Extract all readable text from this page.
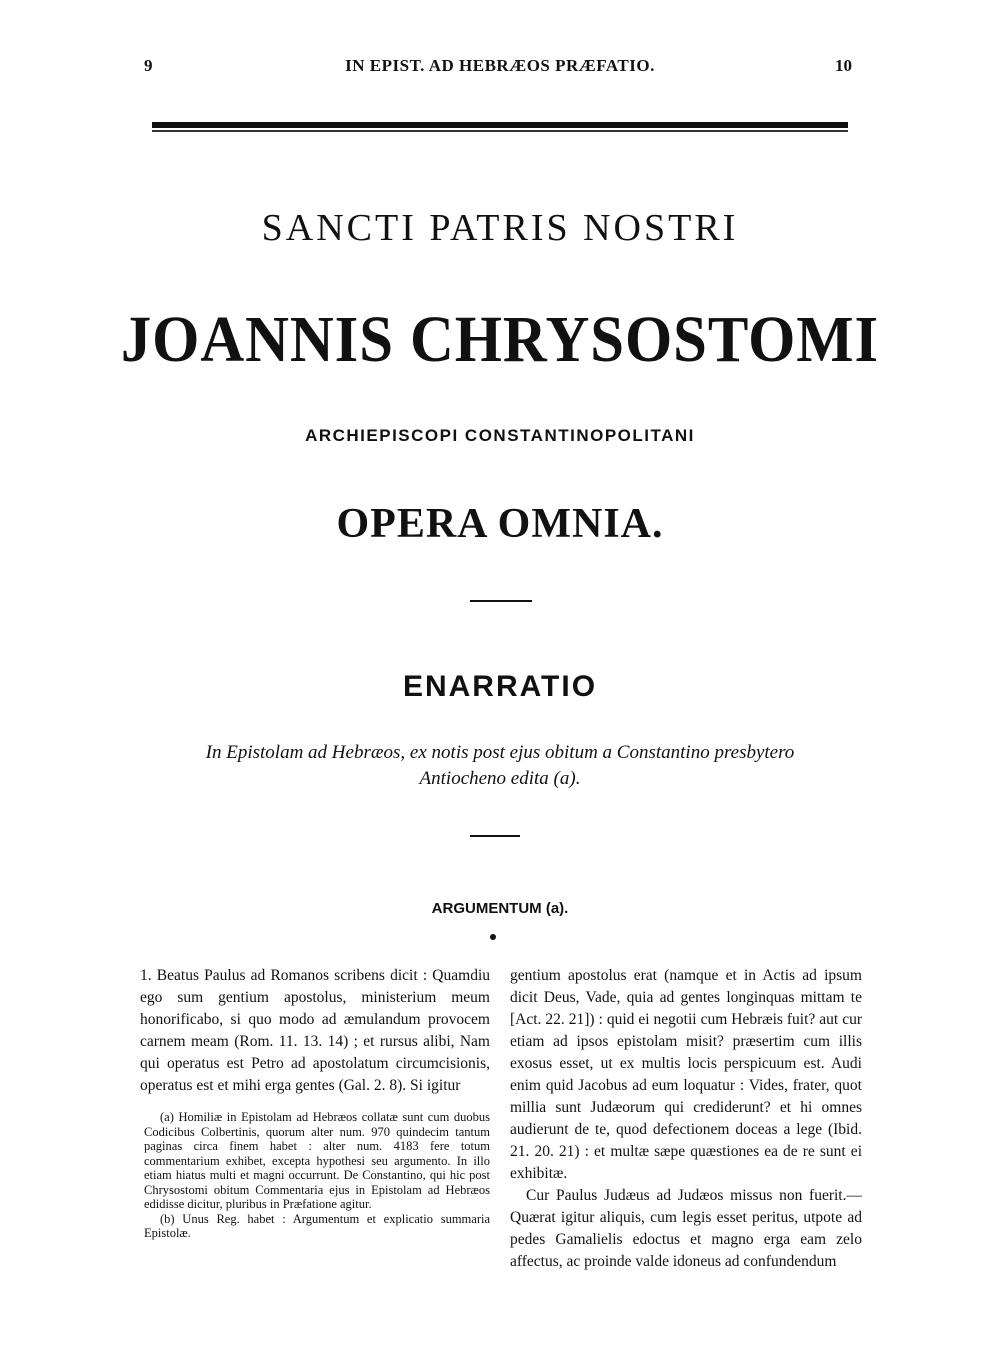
9	IN EPIST. AD HEBRÆOS PRÆFATIO.	10
SANCTI PATRIS NOSTRI
JOANNIS CHRYSOSTOMI
ARCHIEPISCOPI CONSTANTINOPOLITANI
OPERA OMNIA.
ENARRATIO
In Epistolam ad Hebræos, ex notis post ejus obitum a Constantino presbytero
Antiocheno edita (a).
ARGUMENTUM (a).

1. Beatus Paulus ad Romanos scribens dicit : Quamdiu ego sum gentium apostolus, ministerium meum honorificabo, si quo modo ad æmulandum provocem carnem meam (Rom. 11. 13. 14) ; et rursus alibi, Nam qui operatus est Petro ad apostolatum circumcisionis, operatus est et mihi erga gentes (Gal. 2. 8). Si igitur

(a) Homiliæ in Epistolam ad Hebræos collatæ sunt cum duobus Codicibus Colbertinis, quorum alter num. 970 quindecim tantum paginas circa finem habet : alter num. 4183 fere totum commentarium exhibet, excepta hypothesi seu argumento. In illo etiam hiatus multi et magni occurrunt. De Constantino, qui hic post Chrysostomi obitum Commentaria ejus in Epistolam ad Hebræos edidisse dicitur, pluribus in Præfatione agitur.

(b) Unus Reg. habet : Argumentum et explicatio summaria Epistolæ.

gentium apostolus erat (namque et in Actis ad ipsum dicit Deus, Vade, quia ad gentes longinquas mittam te [Act. 22. 21]) : quid ei negotii cum Hebræis fuit? aut cur etiam ad ipsos epistolam misit? præsertim cum illis exosus esset, ut ex multis locis perspicuum est. Audi enim quid Jacobus ad eum loquatur : Vides, frater, quot millia sunt Judæorum qui crediderunt? et hi omnes audierunt de te, quod defectionem doceas a lege (Ibid. 21. 20. 21) : et multæ sæpe quæstiones ea de re sunt ei exhibitæ.

Cur Paulus Judæus ad Judæos missus non fuerit.— Quærat igitur aliquis, cum legis esset peritus, utpote ad pedes Gamalielis edoctus et magno erga eam zelo affectus, ac proinde valde idoneus ad confundendum
